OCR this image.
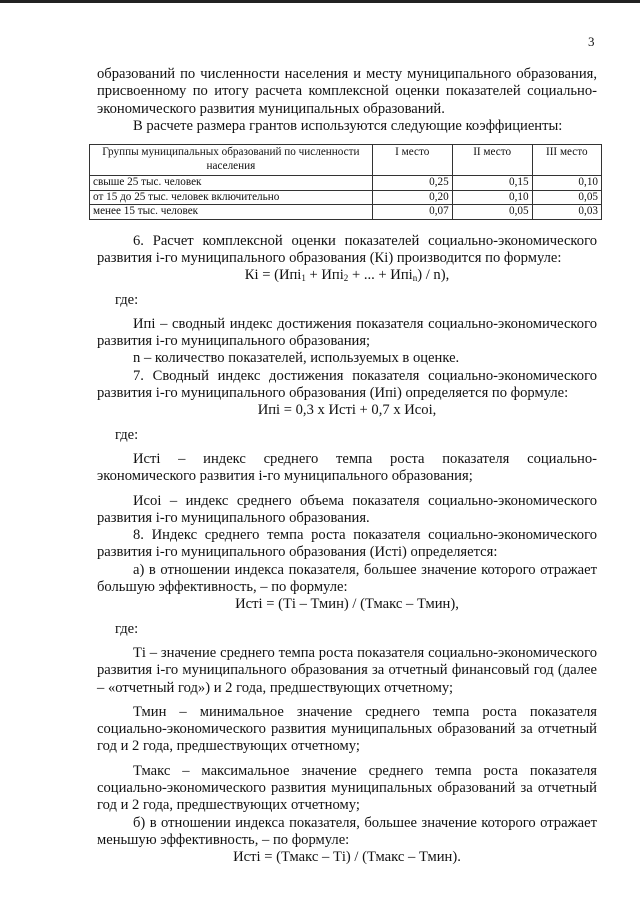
3

образований по численности населения и месту муниципального образования, присвоенному по итогу расчета комплексной оценки показателей социально-экономического развития муниципальных образований.

В расчете размера грантов используются следующие коэффициенты:

Группы муниципальных образований по численности населения	I место	II место	III место
свыше 25 тыс. человек	0,25	0,15	0,10
от 15 до 25 тыс. человек включительно	0,20	0,10	0,05
менее 15 тыс. человек	0,07	0,05	0,03

6. Расчет комплексной оценки показателей социально-экономического развития i-го муниципального образования (Кi) производится по формуле:

Кi = (Ипi$_1$ + Ипi$_2$ + ... + Ипi$_n$) / n),

где:

Ипi – сводный индекс достижения показателя социально-экономического развития i-го муниципального образования;

n – количество показателей, используемых в оценке.

7. Сводный индекс достижения показателя социально-экономического развития i-го муниципального образования (Ипi) определяется по формуле:

Ипi = 0,3 х Истi + 0,7 х Исоi,

где:

Истi – индекс среднего темпа роста показателя социально-экономического развития i-го муниципального образования;

Исоi – индекс среднего объема показателя социально-экономического развития i-го муниципального образования.

8. Индекс среднего темпа роста показателя социально-экономического развития i-го муниципального образования (Истi) определяется:

а) в отношении индекса показателя, большее значение которого отражает большую эффективность, – по формуле:

Истi = (Тi – Тмин) / (Тмакс – Тмин),

где:

Тi – значение среднего темпа роста показателя социально-экономического развития i-го муниципального образования за отчетный финансовый год (далее – «отчетный год») и 2 года, предшествующих отчетному;

Тмин – минимальное значение среднего темпа роста показателя социально-экономического развития муниципальных образований за отчетный год и 2 года, предшествующих отчетному;

Тмакс – максимальное значение среднего темпа роста показателя социально-экономического развития муниципальных образований за отчетный год и 2 года, предшествующих отчетному;

б) в отношении индекса показателя, большее значение которого отражает меньшую эффективность, – по формуле:

Истi = (Тмакс – Тi) / (Тмакс – Тмин).
